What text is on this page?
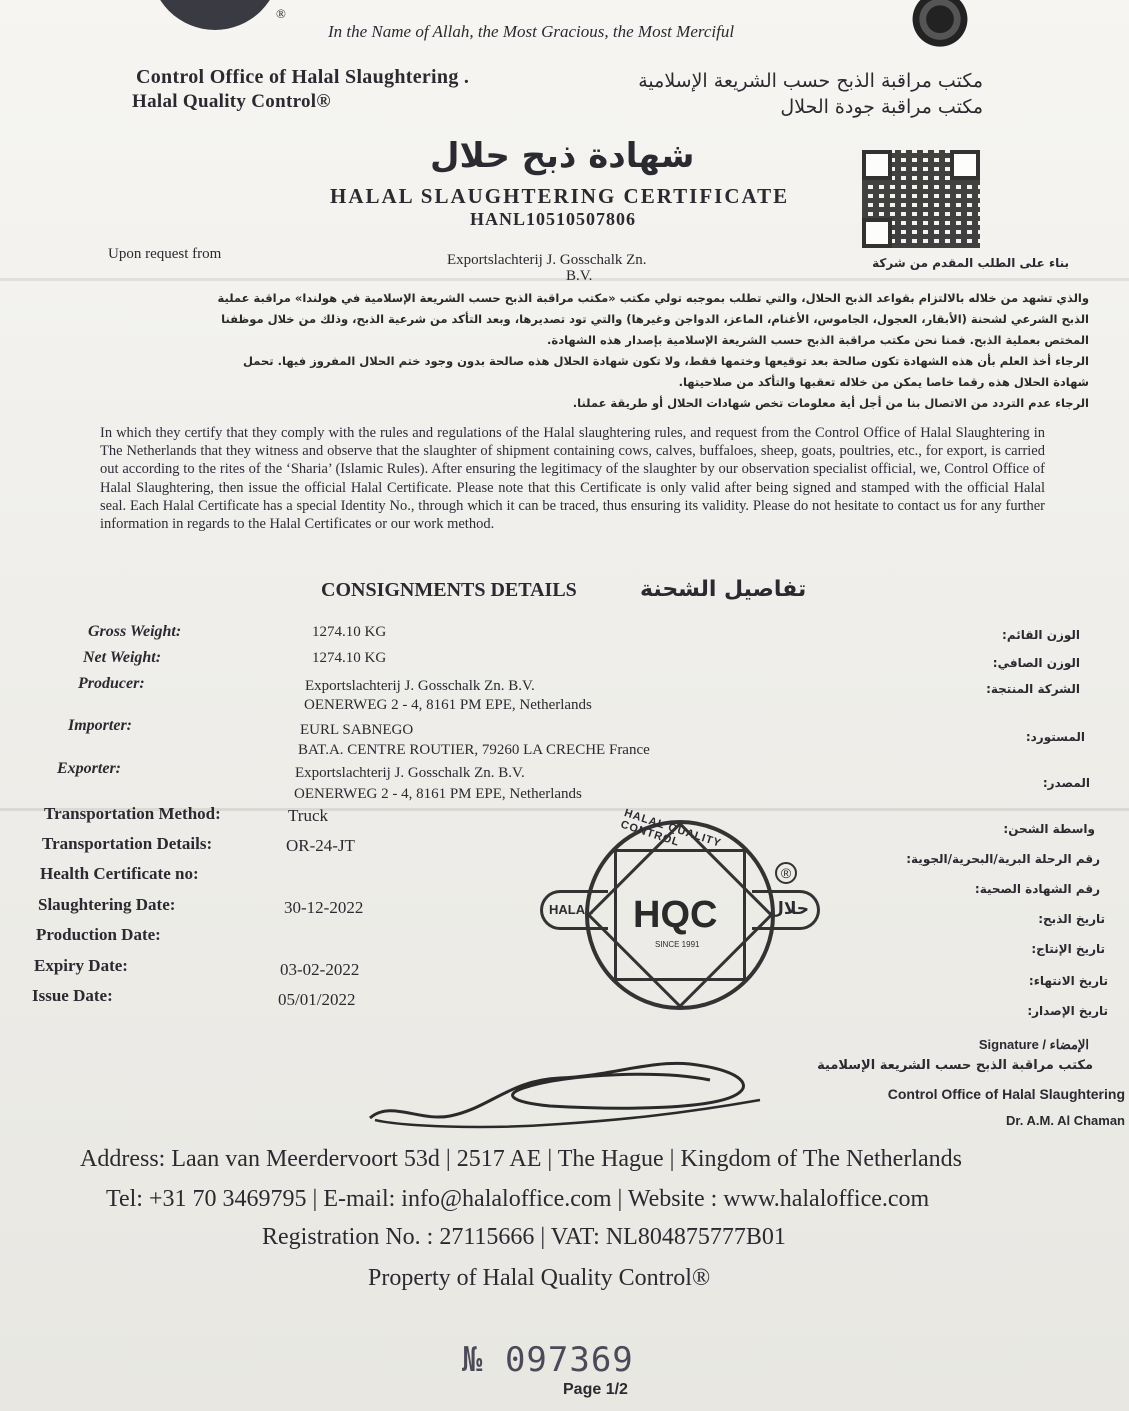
®
In the Name of Allah, the Most Gracious, the Most Merciful
Control Office of Halal Slaughtering .
Halal Quality Control®
مكتب مراقبة الذبح حسب الشريعة الإسلامية
مكتب مراقبة جودة الحلال
شهادة ذبح حلال
HALAL SLAUGHTERING CERTIFICATE
HANL10510507806
Upon request from	Exportslachterij J. Gosschalk Zn.
B.V.
بناء على الطلب المقدم من شركة
والذي تشهد من خلاله بالالتزام بقواعد الذبح الحلال، والتي تطلب بموجبه تولي مكتب «مكتب مراقبة الذبح حسب الشريعة الإسلامية في هولندا» مراقبة عملية
الذبح الشرعي لشحنة (الأبقار، العجول، الجاموس، الأغنام، الماعز، الدواجن وغيرها) والتي تود تصديرها، وبعد التأكد من شرعية الذبح، وذلك من خلال موظفنا
المختص بعملية الذبح. فمنا نحن مكتب مراقبة الذبح حسب الشريعة الإسلامية بإصدار هذه الشهادة.
الرجاء أخذ العلم بأن هذه الشهادة تكون صالحة بعد توقيعها وختمها فقط، ولا تكون شهادة الحلال هذه صالحة بدون وجود ختم الحلال المفروز فيها. تحمل
شهادة الحلال هذه رقما خاصا يمكن من خلاله تعقبها والتأكد من صلاحيتها.
الرجاء عدم التردد من الاتصال بنا من أجل أية معلومات تخص شهادات الحلال أو طريقة عملنا.
In which they certify that they comply with the rules and regulations of the Halal slaughtering rules, and request from the Control Office of Halal Slaughtering in The Netherlands that they witness and observe that the slaughter of shipment containing cows, calves, buffaloes, sheep, goats, poultries, etc., for export, is carried out according to the rites of the ‘Sharia’ (Islamic Rules). After ensuring the legitimacy of the slaughter by our observation specialist official, we, Control Office of Halal Slaughtering, then issue the official Halal Certificate. Please note that this Certificate is only valid after being signed and stamped with the official Halal seal. Each Halal Certificate has a special Identity No., through which it can be traced, thus ensuring its validity. Please do not hesitate to contact us for any further information in regards to the Halal Certificates or our work method.
CONSIGNMENTS DETAILS	تفاصيل الشحنة
Gross Weight:	1274.10 KG	الوزن القائم:
Net Weight:	1274.10 KG	الوزن الصافي:
Producer:	Exportslachterij J. Gosschalk Zn. B.V.
OENERWEG 2 - 4, 8161 PM EPE, Netherlands
الشركة المنتجة:
Importer:	EURL SABNEGO
BAT.A. CENTRE ROUTIER, 79260 LA CRECHE France
المستورد:
Exporter:	Exportslachterij J. Gosschalk Zn. B.V.
OENERWEG 2 - 4, 8161 PM EPE, Netherlands
المصدر:
Transportation Method:	Truck
واسطة الشحن:
Transportation Details:	OR-24-JT
رقم الرحلة البرية/البحرية/الجوية:
Health Certificate no:
رقم الشهادة الصحية:
Slaughtering Date:	30-12-2022
تاريخ الذبح:
Production Date:
تاريخ الإنتاج:
Expiry Date:	03-02-2022
تاريخ الانتهاء:
Issue Date:	05/01/2022
تاريخ الإصدار:
HALAL	حلال
HALAL QUALITY CONTROL
HQC
SINCE 1991
®
Signature / الإمضاء
مكتب مراقبة الذبح حسب الشريعة الإسلامية
Control Office of Halal Slaughtering
Dr. A.M. Al Chaman
Address: Laan van Meerdervoort 53d | 2517 AE | The Hague | Kingdom of The Netherlands
Tel: +31 70 3469795 | E-mail: info@halaloffice.com | Website : www.halaloffice.com
Registration No. : 27115666 | VAT: NL804875777B01
Property of Halal Quality Control®
№ 097369
Page 1/2
